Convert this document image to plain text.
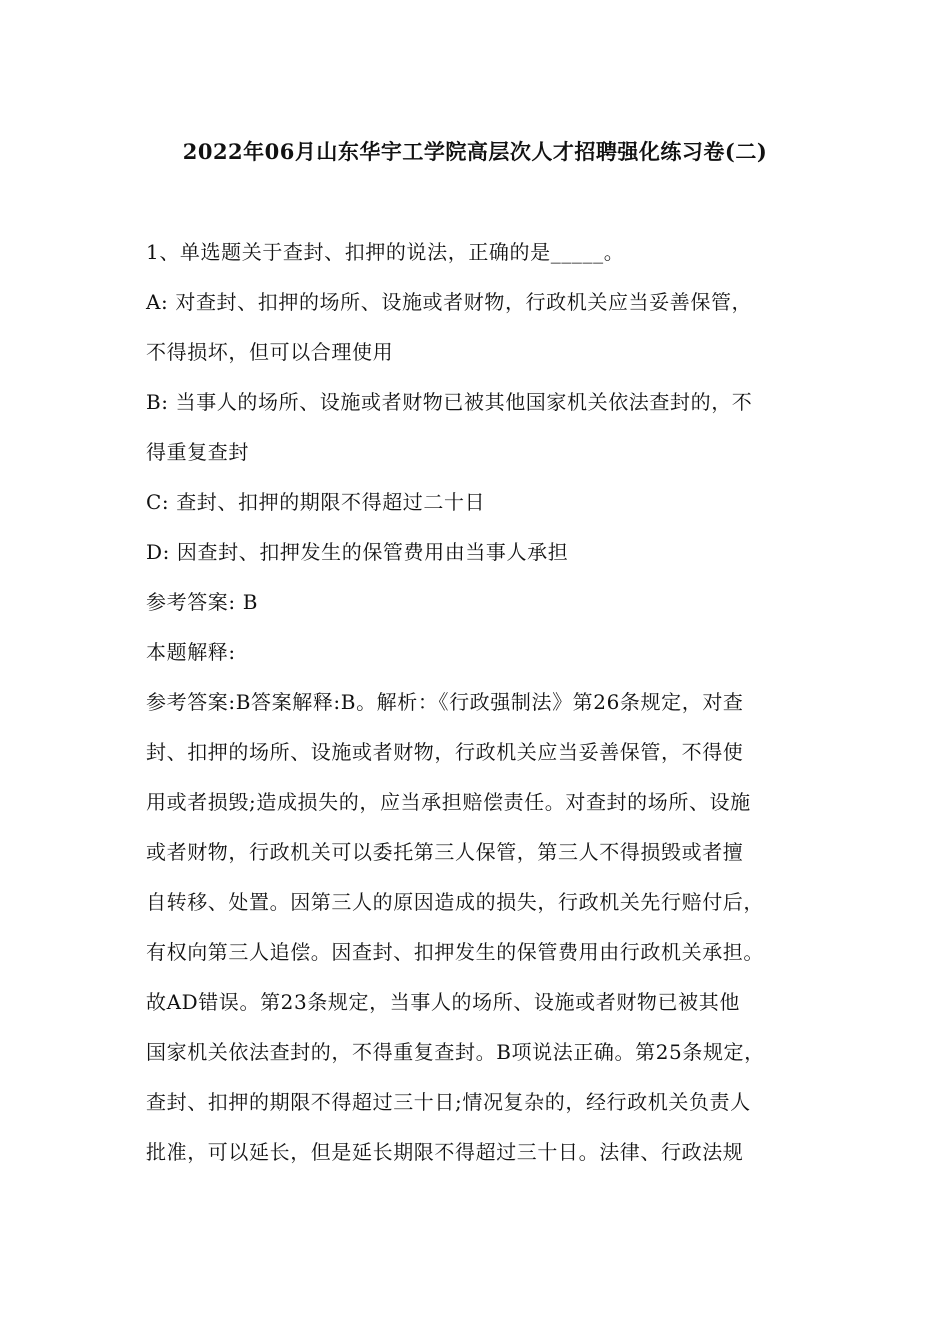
2022年06月山东华宇工学院高层次人才招聘强化练习卷(二)
1、单选题关于查封、扣押的说法，正确的是_____。
A: 对查封、扣押的场所、设施或者财物，行政机关应当妥善保管，
不得损坏，但可以合理使用
B: 当事人的场所、设施或者财物已被其他国家机关依法查封的，不
得重复查封
C: 查封、扣押的期限不得超过二十日
D: 因查封、扣押发生的保管费用由当事人承担
参考答案: B
本题解释:
参考答案:B答案解释:B。解析：《行政强制法》第26条规定，对查
封、扣押的场所、设施或者财物，行政机关应当妥善保管，不得使
用或者损毁;造成损失的，应当承担赔偿责任。对查封的场所、设施
或者财物，行政机关可以委托第三人保管，第三人不得损毁或者擅
自转移、处置。因第三人的原因造成的损失，行政机关先行赔付后，
有权向第三人追偿。因查封、扣押发生的保管费用由行政机关承担。
故AD错误。第23条规定，当事人的场所、设施或者财物已被其他
国家机关依法查封的，不得重复查封。B项说法正确。第25条规定，
查封、扣押的期限不得超过三十日;情况复杂的，经行政机关负责人
批准，可以延长，但是延长期限不得超过三十日。法律、行政法规
